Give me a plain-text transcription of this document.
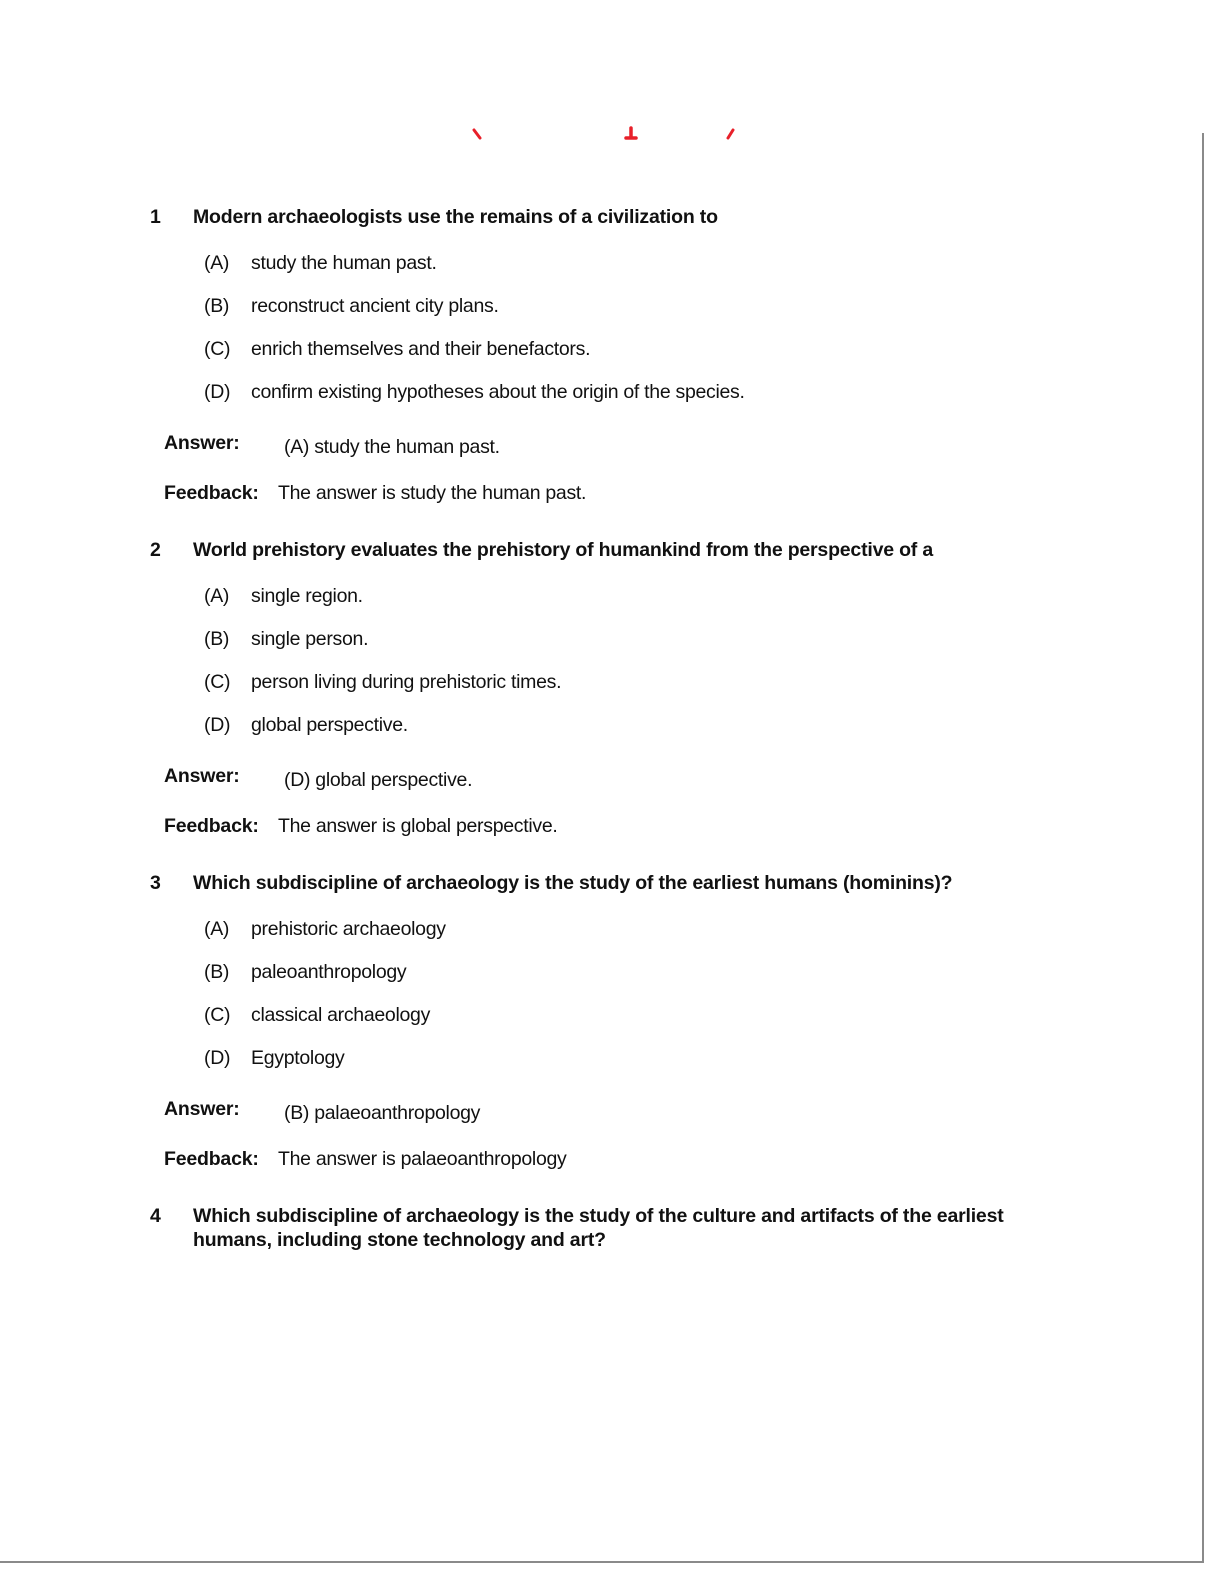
1	Modern archaeologists use the remains of a civilization to
(A)	study the human past.
(B)	reconstruct ancient city plans.
(C)	enrich themselves and their benefactors.
(D)	confirm existing hypotheses about the origin of the species.
Answer:	(A) study the human past.
Feedback: The answer is study the human past.
2	World prehistory evaluates the prehistory of humankind from the perspective of a
(A)	single region.
(B)	single person.
(C)	person living during prehistoric times.
(D)	global perspective.
Answer:	(D) global perspective.
Feedback: The answer is global perspective.
3	Which subdiscipline of archaeology is the study of the earliest humans (hominins)?
(A)	prehistoric archaeology
(B)	paleoanthropology
(C)	classical archaeology
(D)	Egyptology
Answer:	(B) palaeoanthropology
Feedback: The answer is palaeoanthropology
4	Which subdiscipline of archaeology is the study of the culture and artifacts of the earliest humans, including stone technology and art?
